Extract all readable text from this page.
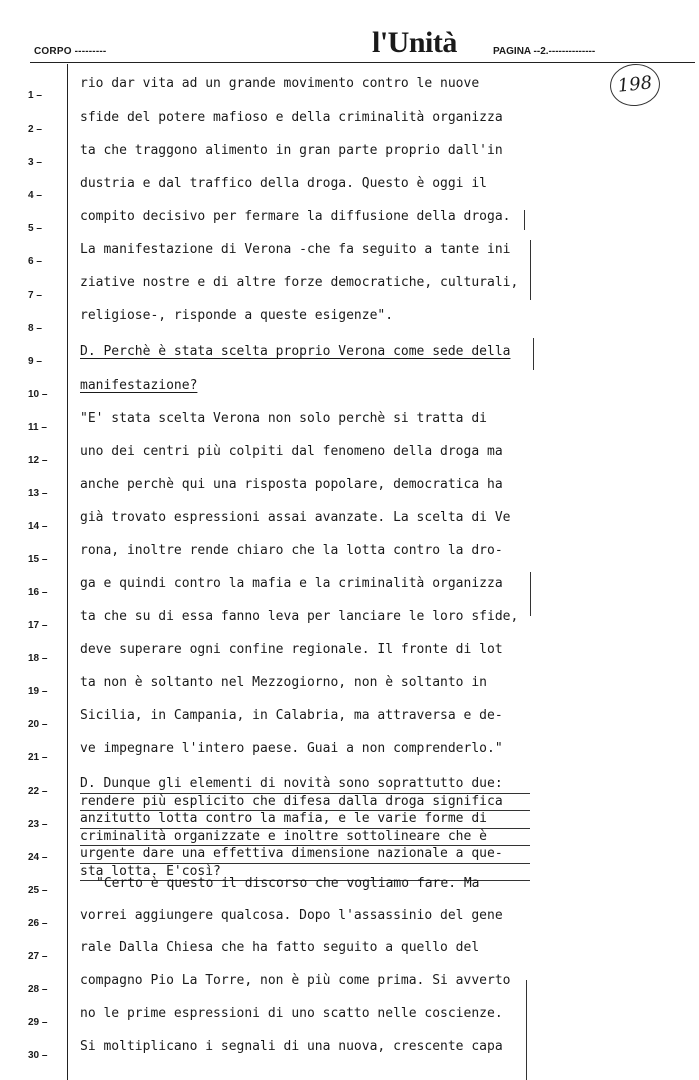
CORPO ---------	l'Unità	PAGINA --2.--------------
198
1 –
2 –
3 –
4 –
5 –
6 –
7 –
8 –
9 –
10 –
11 –
12 –
13 –
14 –
15 –
16 –
17 –
18 –
19 –
20 –
21 –
22 –
23 –
24 –
25 –
26 –
27 –
28 –
29 –
30 –
rio dar vita ad un grande movimento contro le nuove
sfide del potere mafioso e della criminalità organizza
ta che traggono alimento in gran parte proprio dall'in
dustria e dal traffico della droga. Questo è oggi il
compito decisivo per fermare la diffusione della droga.
La manifestazione di Verona -che fa seguito a tante ini
ziative nostre e di altre forze democratiche, culturali,
religiose-, risponde a queste esigenze".
D. Perchè è stata scelta proprio Verona come sede della
manifestazione?
"E' stata scelta Verona non solo perchè si tratta di
uno dei centri più colpiti dal fenomeno della droga ma
anche perchè qui una risposta popolare, democratica ha
già trovato espressioni assai avanzate. La scelta di Ve
rona, inoltre rende chiaro che la lotta contro la dro-
ga e quindi contro la mafia e la criminalità organizza
ta che su di essa fanno leva per lanciare le loro sfide,
deve superare ogni confine regionale. Il fronte di lot
ta non è soltanto nel Mezzogiorno, non è soltanto in
Sicilia, in Campania, in Calabria, ma attraversa e de-
ve impegnare l'intero paese. Guai a non comprenderlo."
D. Dunque gli elementi di novità sono soprattutto due:
rendere più esplicito che difesa dalla droga significa
anzitutto lotta contro la mafia, e le varie forme di
criminalità organizzate e inoltre sottolineare che è
urgente dare una effettiva dimensione nazionale a que-
sta lotta. E'così?
"Certo è questo il discorso che vogliamo fare. Ma
vorrei aggiungere qualcosa. Dopo l'assassinio del gene
rale Dalla Chiesa che ha fatto seguito a quello del
compagno Pio La Torre, non è più come prima. Si avverto
no le prime espressioni di uno scatto nelle coscienze.
Si moltiplicano i segnali di una nuova, crescente capa
